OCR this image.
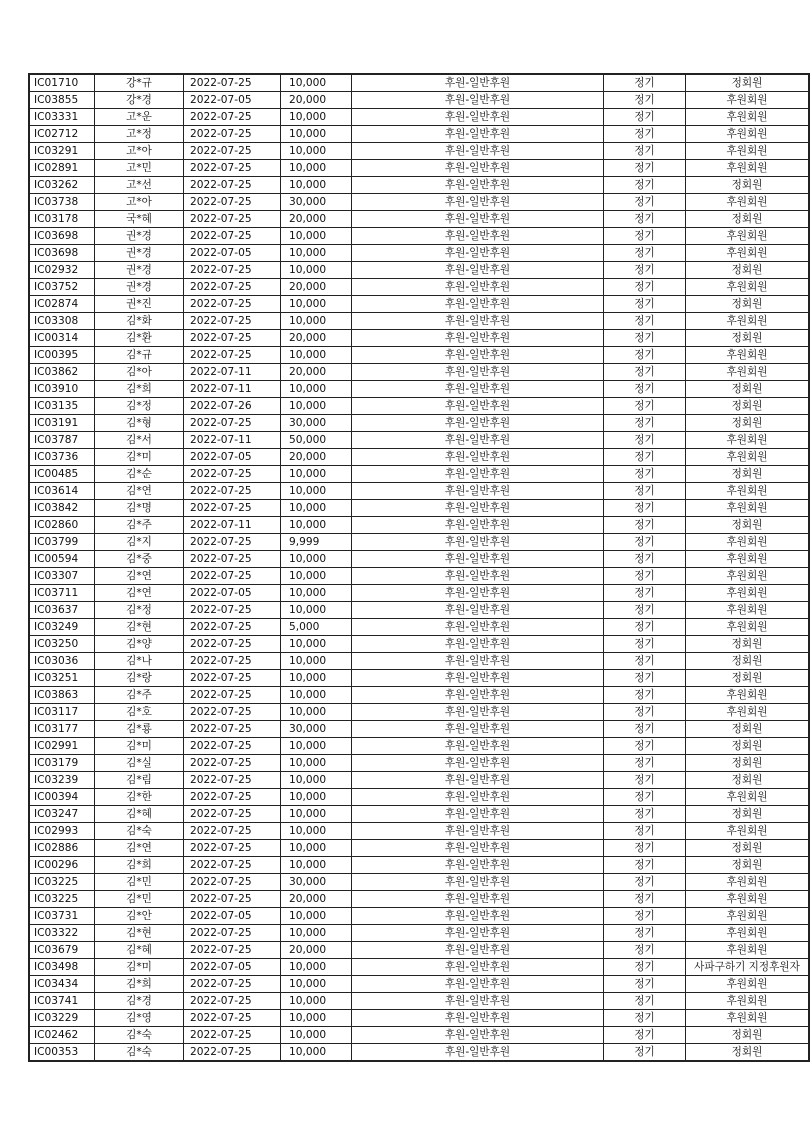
IC01710	강*규	2022-07-25	10,000	후원-일반후원	정기	정회원
IC03855	강*경	2022-07-05	20,000	후원-일반후원	정기	후원회원
IC03331	고*운	2022-07-25	10,000	후원-일반후원	정기	후원회원
IC02712	고*정	2022-07-25	10,000	후원-일반후원	정기	후원회원
IC03291	고*아	2022-07-25	10,000	후원-일반후원	정기	후원회원
IC02891	고*민	2022-07-25	10,000	후원-일반후원	정기	후원회원
IC03262	고*선	2022-07-25	10,000	후원-일반후원	정기	정회원
IC03738	고*아	2022-07-25	30,000	후원-일반후원	정기	후원회원
IC03178	국*혜	2022-07-25	20,000	후원-일반후원	정기	정회원
IC03698	권*경	2022-07-25	10,000	후원-일반후원	정기	후원회원
IC03698	권*경	2022-07-05	10,000	후원-일반후원	정기	후원회원
IC02932	권*경	2022-07-25	10,000	후원-일반후원	정기	정회원
IC03752	권*경	2022-07-25	20,000	후원-일반후원	정기	후원회원
IC02874	권*진	2022-07-25	10,000	후원-일반후원	정기	정회원
IC03308	김*화	2022-07-25	10,000	후원-일반후원	정기	후원회원
IC00314	김*환	2022-07-25	20,000	후원-일반후원	정기	정회원
IC00395	김*규	2022-07-25	10,000	후원-일반후원	정기	후원회원
IC03862	김*아	2022-07-11	20,000	후원-일반후원	정기	후원회원
IC03910	김*희	2022-07-11	10,000	후원-일반후원	정기	정회원
IC03135	김*정	2022-07-26	10,000	후원-일반후원	정기	정회원
IC03191	김*형	2022-07-25	30,000	후원-일반후원	정기	정회원
IC03787	김*서	2022-07-11	50,000	후원-일반후원	정기	후원회원
IC03736	김*미	2022-07-05	20,000	후원-일반후원	정기	후원회원
IC00485	김*순	2022-07-25	10,000	후원-일반후원	정기	정회원
IC03614	김*연	2022-07-25	10,000	후원-일반후원	정기	후원회원
IC03842	김*명	2022-07-25	10,000	후원-일반후원	정기	후원회원
IC02860	김*주	2022-07-11	10,000	후원-일반후원	정기	정회원
IC03799	김*지	2022-07-25	9,999	후원-일반후원	정기	후원회원
IC00594	김*중	2022-07-25	10,000	후원-일반후원	정기	후원회원
IC03307	김*연	2022-07-25	10,000	후원-일반후원	정기	후원회원
IC03711	김*연	2022-07-05	10,000	후원-일반후원	정기	후원회원
IC03637	김*정	2022-07-25	10,000	후원-일반후원	정기	후원회원
IC03249	김*현	2022-07-25	5,000	후원-일반후원	정기	후원회원
IC03250	김*양	2022-07-25	10,000	후원-일반후원	정기	정회원
IC03036	김*나	2022-07-25	10,000	후원-일반후원	정기	정회원
IC03251	김*랑	2022-07-25	10,000	후원-일반후원	정기	정회원
IC03863	김*주	2022-07-25	10,000	후원-일반후원	정기	후원회원
IC03117	김*호	2022-07-25	10,000	후원-일반후원	정기	후원회원
IC03177	김*룡	2022-07-25	30,000	후원-일반후원	정기	정회원
IC02991	김*미	2022-07-25	10,000	후원-일반후원	정기	정회원
IC03179	김*실	2022-07-25	10,000	후원-일반후원	정기	정회원
IC03239	김*림	2022-07-25	10,000	후원-일반후원	정기	정회원
IC00394	김*한	2022-07-25	10,000	후원-일반후원	정기	후원회원
IC03247	김*혜	2022-07-25	10,000	후원-일반후원	정기	정회원
IC02993	김*숙	2022-07-25	10,000	후원-일반후원	정기	후원회원
IC02886	김*연	2022-07-25	10,000	후원-일반후원	정기	정회원
IC00296	김*희	2022-07-25	10,000	후원-일반후원	정기	정회원
IC03225	김*민	2022-07-25	30,000	후원-일반후원	정기	후원회원
IC03225	김*민	2022-07-25	20,000	후원-일반후원	정기	후원회원
IC03731	김*안	2022-07-05	10,000	후원-일반후원	정기	후원회원
IC03322	김*현	2022-07-25	10,000	후원-일반후원	정기	후원회원
IC03679	김*혜	2022-07-25	20,000	후원-일반후원	정기	후원회원
IC03498	김*미	2022-07-05	10,000	후원-일반후원	정기	사파구하기 지정후원자
IC03434	김*희	2022-07-25	10,000	후원-일반후원	정기	후원회원
IC03741	김*경	2022-07-25	10,000	후원-일반후원	정기	후원회원
IC03229	김*영	2022-07-25	10,000	후원-일반후원	정기	후원회원
IC02462	김*숙	2022-07-25	10,000	후원-일반후원	정기	정회원
IC00353	김*숙	2022-07-25	10,000	후원-일반후원	정기	정회원
